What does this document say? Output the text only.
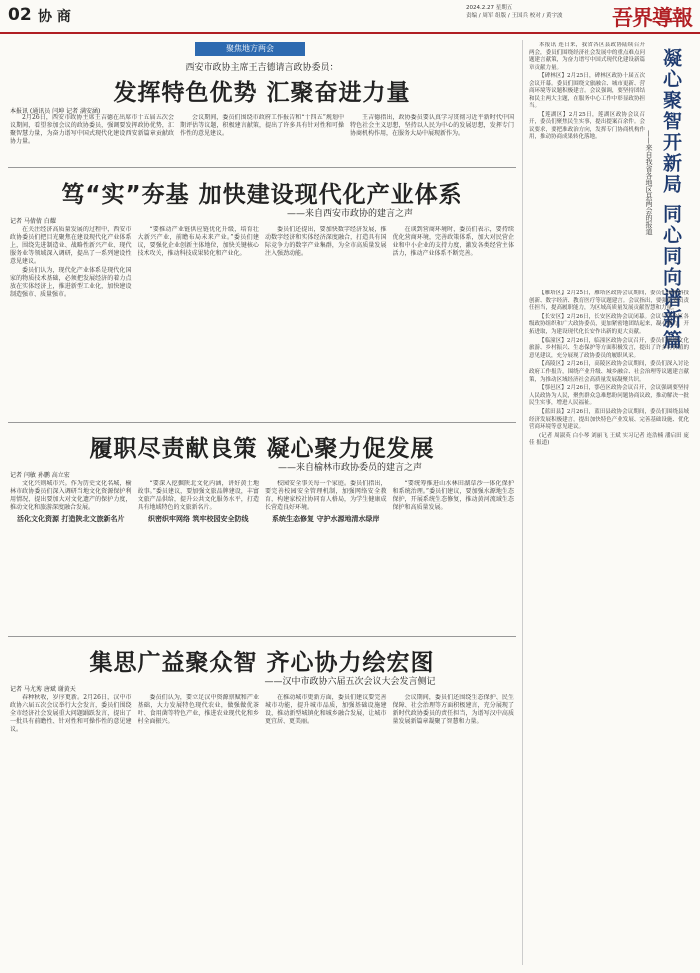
02 协 商
2024.2.27 星期五
责编 / 周军 组版 / 王国兵 校对 / 黄宇波 吾界導報
聚焦地方两会
西安市政协主席王吉德请言政协委员：
发挥特色优势 汇聚奋进力量
本报讯 (通讯员 闫坤 记者 满安涵)

2月26日，西安市政协主席王吉德在出席市十五届五次会议期间，看望参加会议的政协委员，强调要发挥政协优势，汇聚智慧力量，为奋力谱写中国式现代化建设西安新篇章贡献政协力量。

会议期间，委员们围绕市政府工作报告和“十四五”规划中期评估等议题，积极建言献策，提出了许多具有针对性和可操作性的意见建议。

王吉德指出，政协委员要认真学习贯彻习近平新时代中国特色社会主义思想，坚持以人民为中心的发展思想，发挥专门协商机构作用，在服务大局中展现新作为。

笃“实”夯基 加快建设现代化产业体系
——来自西安市政协的建言之声
记者 马倩倩 白耀

在关注经济高质量发展的过程中，西安市政协委员们把目光聚焦在建设现代化产业体系上，围绕先进制造业、战略性新兴产业、现代服务业等领域深入调研，提出了一系列建设性意见建议。

委员们认为，现代化产业体系是现代化国家的物质技术基础，必须把发展经济的着力点放在实体经济上，推进新型工业化，加快建设制造强市、质量强市。

“要推动产业链供应链优化升级，培育壮大新兴产业，前瞻布局未来产业。”委员们建议，要强化企业创新主体地位，加快关键核心技术攻关，推动科技成果转化和产业化。

委员们还提出，要加快数字经济发展，推动数字经济和实体经济深度融合，打造具有国际竞争力的数字产业集群，为全市高质量发展注入强劲动能。

在谈到营商环境时，委员们表示，要持续优化营商环境，完善政策体系，加大对民营企业和中小企业的支持力度，激发各类经营主体活力，推动产业体系不断完善。

履职尽责献良策 凝心聚力促发展
——来自榆林市政协委员的建言之声
记者 闫敏 孙鹏 高立宏

文化兴则城市兴。作为历史文化名城，榆林市政协委员们深入调研当地文化资源保护利用情况，提出要加大对文化遗产的保护力度，推动文化和旅游深度融合发展。

活化文化资源 打造陕北文旅新名片

“要深入挖掘陕北文化内涵，讲好黄土地故事。”委员建议，要加强文旅品牌建设，丰富文旅产品供给，提升公共文化服务水平，打造具有地域特色的文旅新名片。

织密织牢网络 筑牢校园安全防线

校园安全事关每一个家庭。委员们指出，要完善校园安全管理机制，加强网络安全教育，构建家校社协同育人格局，为学生健康成长营造良好环境。

系统生态修复 守护水源地清水绿岸

“要统筹推进山水林田湖草沙一体化保护和系统治理。”委员们建议，要加强水源地生态保护，开展系统生态修复，推动黄河流域生态保护和高质量发展。

集思广益聚众智 齐心协力绘宏图
——汉中市政协六届五次会议大会发言侧记
记者 马尤莠 唐斌 谢黄天

春种秋收，岁序更新。2月26日，汉中市政协六届五次会议举行大会发言，委员们围绕全市经济社会发展重大问题踊跃发言，提出了一批具有前瞻性、针对性和可操作性的意见建议。

委员们认为，要立足汉中资源禀赋和产业基础，大力发展特色现代农业，做强做优茶叶、食用菌等特色产业，推进农业现代化和乡村全面振兴。

在推动城市更新方面，委员们建议要完善城市功能，提升城市品质，加强基础设施建设，推动新型城镇化和城乡融合发展，让城市更宜居、更美丽。

会议期间，委员们还围绕生态保护、民生保障、社会治理等方面积极建言，充分展现了新时代政协委员的责任担当，为谱写汉中高质量发展新篇章凝聚了智慧和力量。

凝心聚智开新局 同心同向谱新篇
——来自我省各地区县两会的报道

本报讯 连日来，我省各区县政协陆续召开两会，委员们围绕经济社会发展中的重点难点问题建言献策，为奋力谱写中国式现代化建设新篇章贡献力量。

【碑林区】2月25日，碑林区政协十届五次会议开幕。委员们围绕文旅融合、城市更新、营商环境等议题积极建言。会议强调，要坚持团结和民主两大主题，在服务中心工作中彰显政协担当。

【莲湖区】2月25日，莲湖区政协会议召开，委员们聚焦民生实事，提出提案百余件。会议要求，要把准政治方向，发挥专门协商机构作用，推动协商成果转化落地。

【雁塔区】2月25日，雁塔区政协会议期间，委员们围绕科技创新、数字经济、教育医疗等议题建言。会议指出，要强化委员责任担当，提高履职能力，为区域高质量发展贡献智慧和力量。

【长安区】2月26日，长安区政协会议闭幕。会议号召全区各级政协组织和广大政协委员，更加紧密地团结起来，凝心聚力，开拓进取，为建设现代化长安作出新的更大贡献。

【临潼区】2月26日，临潼区政协会议召开，委员们围绕文化旅游、乡村振兴、生态保护等方面积极发言，提出了许多有价值的意见建议，充分展现了政协委员的履职风采。

【高陵区】2月26日，高陵区政协会议期间，委员们深入讨论政府工作报告，围绕产业升级、城乡融合、社会治理等议题建言献策，为推动区域经济社会高质量发展凝聚共识。

【鄠邑区】2月26日，鄠邑区政协会议召开，会议强调要坚持人民政协为人民，聚焦群众急难愁盼问题协商议政，推动解决一批民生实事，增进人民福祉。

【蓝田县】2月26日，蓝田县政协会议期间，委员们围绕县域经济发展积极建言，提出加快特色产业发展、完善基础设施、优化营商环境等意见建议。

(记者 周淑英 白小琴 刘丽飞 王斌 实习记者 连浩楠 潘启田 庞 佳 报道)
